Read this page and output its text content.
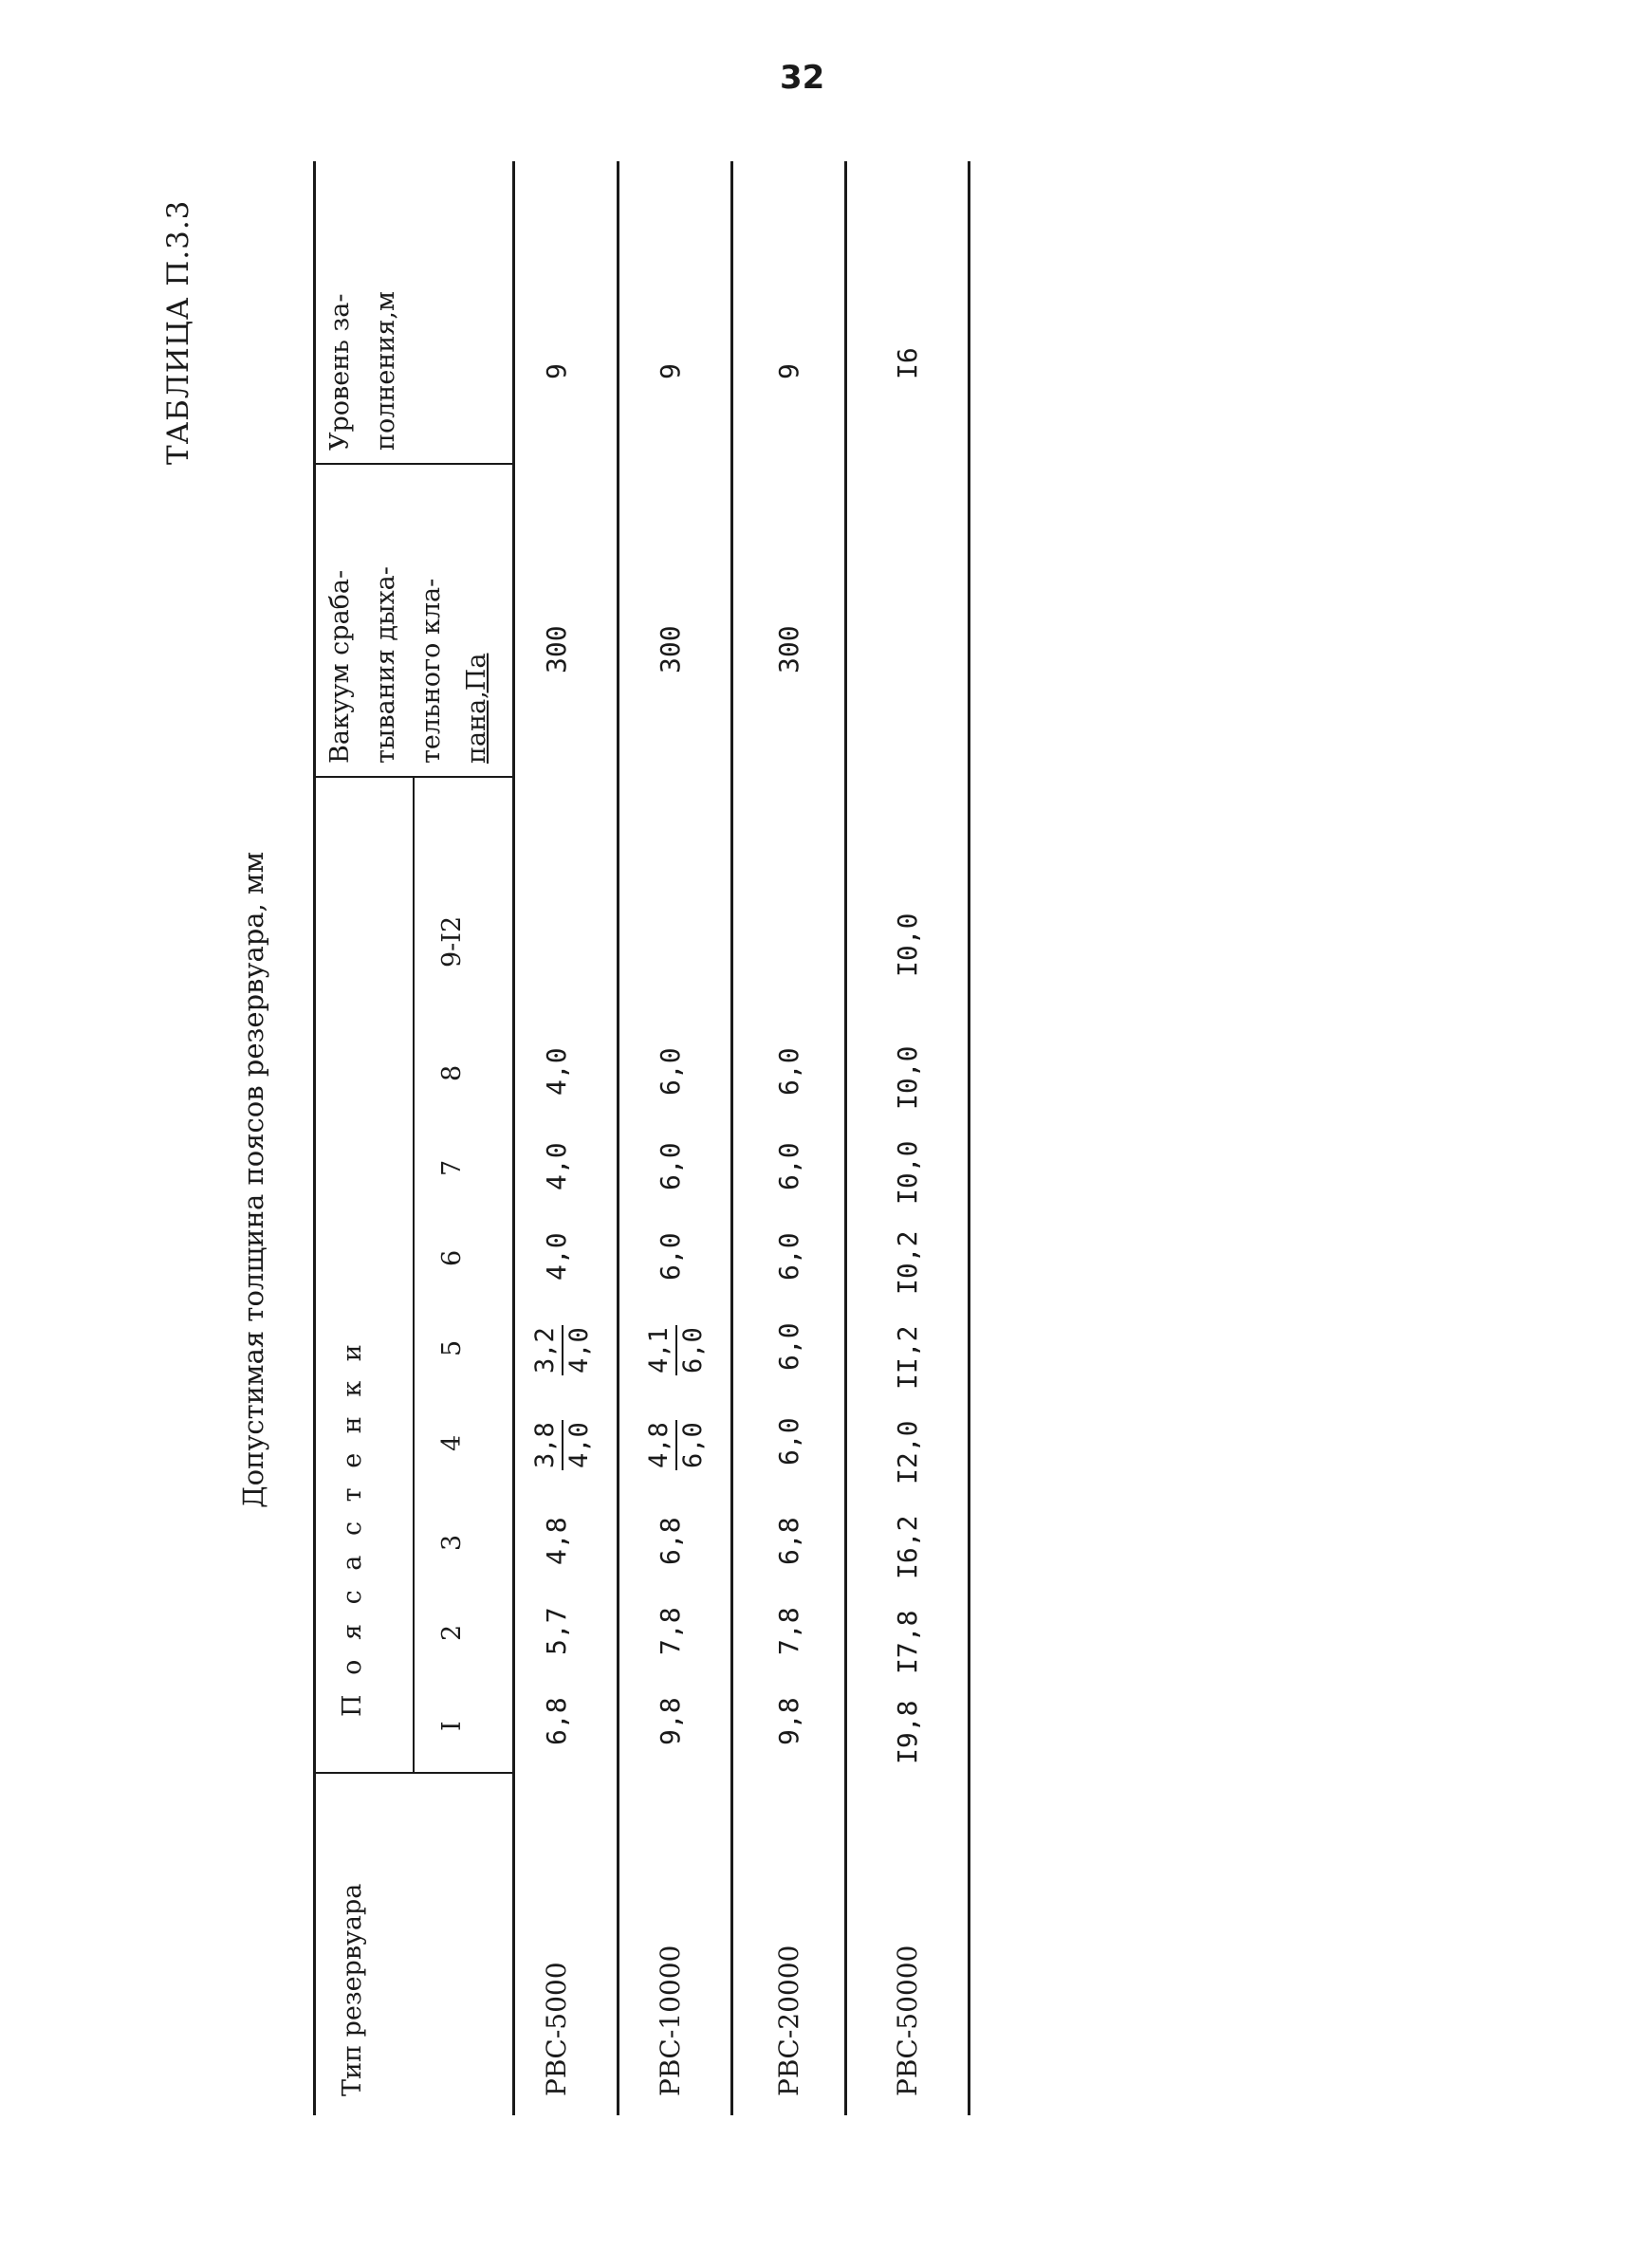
32
ТАБЛИЦА П.3.3
Допустимая толщина поясов резервуара, мм
Тип резервуара
П о я с а с т е н к и
I
2
3
4
5
6
7
8
9-I2
Вакуум сраба- тывания дыха- тельного кла- пана,Па
Уровень за- полнения,м
РВС-5000
6,8
5,7
4,8
3,8 4,0
3,2 4,0
4,0
4,0
4,0
300
9
РВС-10000
9,8
7,8
6,8
4,8 6,0
4,1 6,0
6,0
6,0
6,0
300
9
РВС-20000
9,8
7,8
6,8
6,0
6,0
6,0
6,0
6,0
300
9
РВС-50000
I9,8
I7,8
I6,2
I2,0
II,2
I0,2
I0,0
I0,0
I0,0
I6
